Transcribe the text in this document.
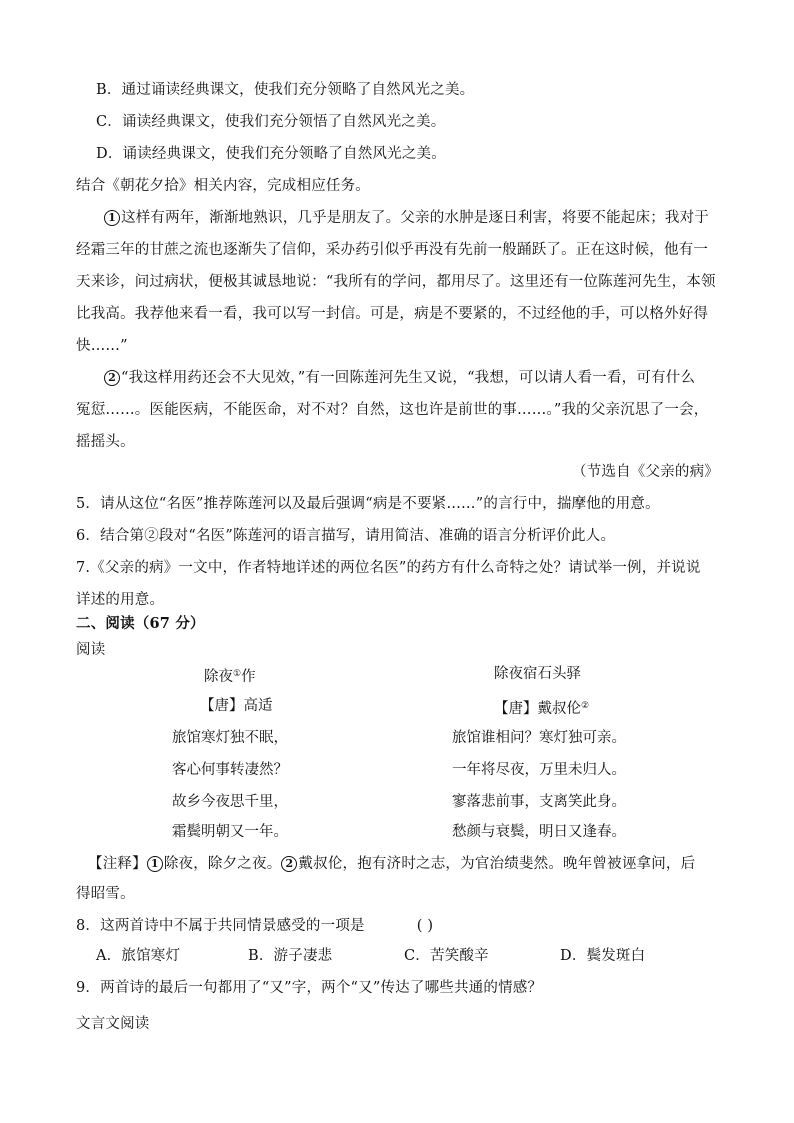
B．通过诵读经典课文，使我们充分领略了自然风光之美。
C．诵读经典课文，使我们充分领悟了自然风光之美。
D．诵读经典课文，使我们充分领略了自然风光之美。
结合《朝花夕拾》相关内容，完成相应任务。
1 这样有两年，渐渐地熟识，几乎是朋友了。父亲的水肿是逐日利害，将要不能起床；我对于
经霜三年的甘蔗之流也逐渐失了信仰，采办药引似乎再没有先前一般踊跃了。正在这时候，他有一
天来诊，问过病状，便极其诚恳地说：“我所有的学问，都用尽了。这里还有一位陈莲河先生，本领
比我高。我荐他来看一看，我可以写一封信。可是，病是不要紧的，不过经他的手，可以格外好得
快……”
2 “我这样用药还会不大见效，”有一回陈莲河先生又说，“我想，可以请人看一看，可有什么
冤愆……。医能医病，不能医命，对不对？自然，这也许是前世的事……。”我的父亲沉思了一会，
摇摇头。
（节选自《父亲的病》
5．请从这位“名医”推荐陈莲河以及最后强调“病是不要紧……”的言行中，揣摩他的用意。
6．结合第②段对“名医”陈莲河的语言描写，请用简洁、准确的语言分析评价此人。
7.《父亲的病》一文中，作者特地详述的两位名医”的药方有什么奇特之处？请试举一例，并说说
详述的用意。
二、阅读（67 分）
阅读
除夜①作
【唐】高适
旅馆寒灯独不眠，
客心何事转凄然？
故乡今夜思千里，
霜鬓明朝又一年。
除夜宿石头驿
【唐】戴叔伦②
旅馆谁相问？寒灯独可亲。
一年将尽夜，万里未归人。
寥落悲前事，支离笑此身。
愁颜与衰鬓，明日又逢春。
【注释】 1 除夜，除夕之夜。 2 戴叔伦，抱有济时之志，为官治绩斐然。晚年曾被诬拿问，后
得昭雪。
8．这两首诗中不属于共同情景感受的一项是	( )
A．旅馆寒灯	B．游子凄悲	C．苦笑酸辛	D．鬓发斑白
9．两首诗的最后一句都用了“又”字，两个“又”传达了哪些共通的情感？
文言文阅读
